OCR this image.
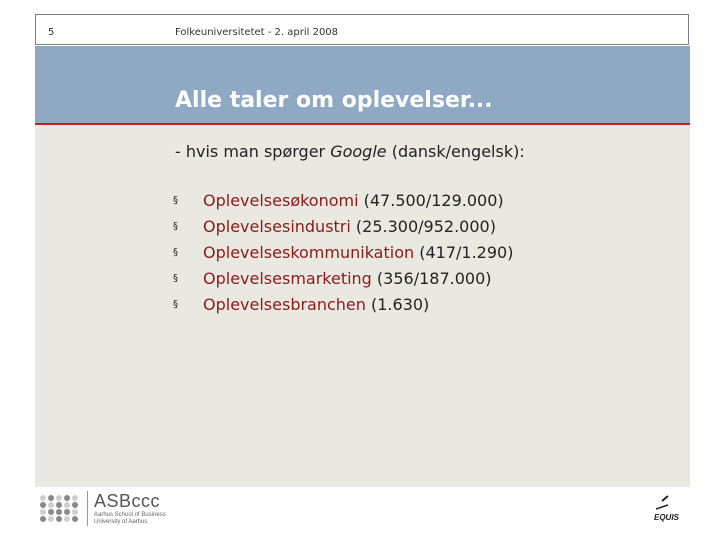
5	Folkeuniversitetet - 2. april 2008
Alle taler om oplevelser...
- hvis man spørger Google (dansk/engelsk):
§ Oplevelsesøkonomi (47.500/129.000)
§ Oplevelsesindustri (25.300/952.000)
§ Oplevelseskommunikation (417/1.290)
§ Oplevelsesmarketing (356/187.000)
§ Oplevelsesbranchen (1.630)
ASBccc
Aarhus School of Business
University of Aarhus	EQUIS
